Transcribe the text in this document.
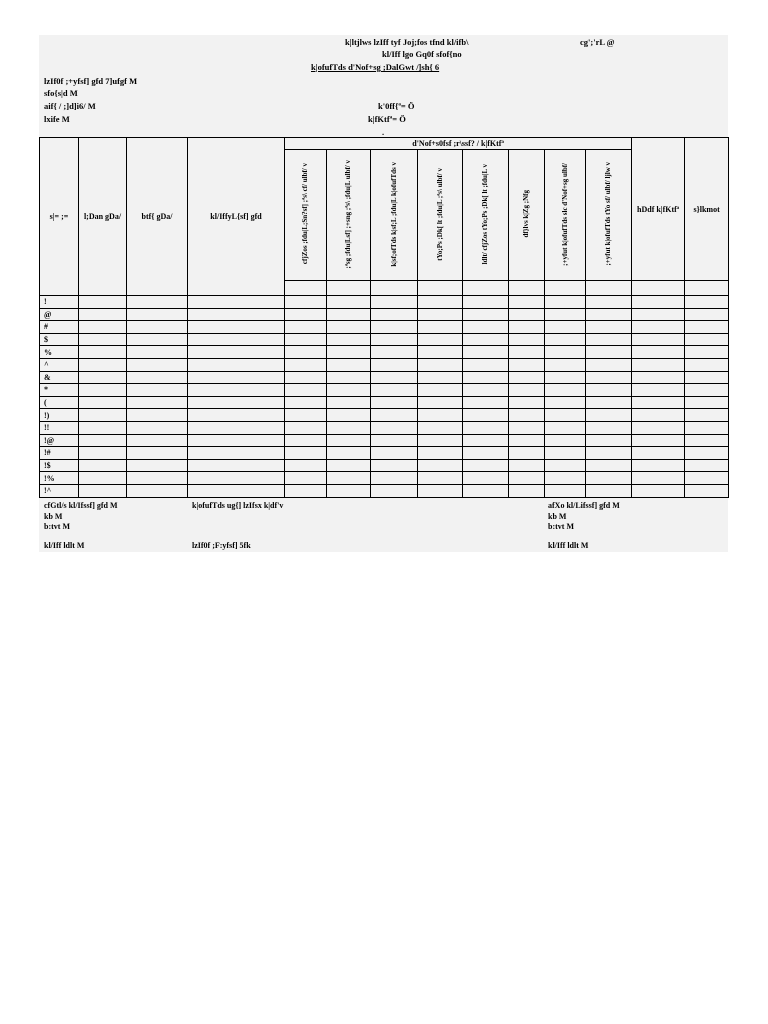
k|ltjlws lzIff tyf Joj;fos tfnd kl/ifb\	cg';'rL @
kl/Iff lgo Gq0f sfof{no
k|ofufTds d'Nof+sg ;DalGwt /]sh{ 6
lzIf0f ;+yfsf] gfd 7]ufgf M
sfo{s|d M
aif{ / ;]d]i6/ M
lxife M
k'0ff{ª= Ö
k|fKtfª= Ö
.
s|= ;=	l;Dan gDa/	btf{ gDa/	kl/IffyL{sf] gfd	d'Nof+s0fsf ;r\ssf? / k|fKtfª								hDdf k|fKtfª	s}lkmot
				cfjZos ;fdu|L;Sn?sf] ;ªs\ cf/ ulbf/ v	;ªsg ;fdu|Lsf] ;+sng ;ªs\ ;fdu|L ulbf/ v	k|sf;ofTds k|sf;L ;fdu|L k|ofufTds v	tYo;Ps ;Dk[ lt ;fdu|L ;ªs\ ulbf/ v	ldlt/ cfjZos tYo;Ps ;Dk[ lt ;fdu|L v	df}lvs k|Zg ;Nfg	;+yfut k|ofufTds slc d'Nof+sg ulbf/	;+yfut k|ofufTds tYo sf/ ulbf/ ljlw v		

!													
@													
#													
$													
%													
^													
&													
*													
(													
!)													
!!													
!@													
!#													
!$													
!%													
!^													
cfGtl/s kl/Ifssf] gfd M
kb M
b:tvt M
kl/Iff ldlt M
k|ofufTds ug{] lzIfsx k|df'v
lzIf0f ;F:yfsf] 5fk
afXo kl/Lifssf] gfd M
kb M
b:tvt M
kl/Iff ldlt M
